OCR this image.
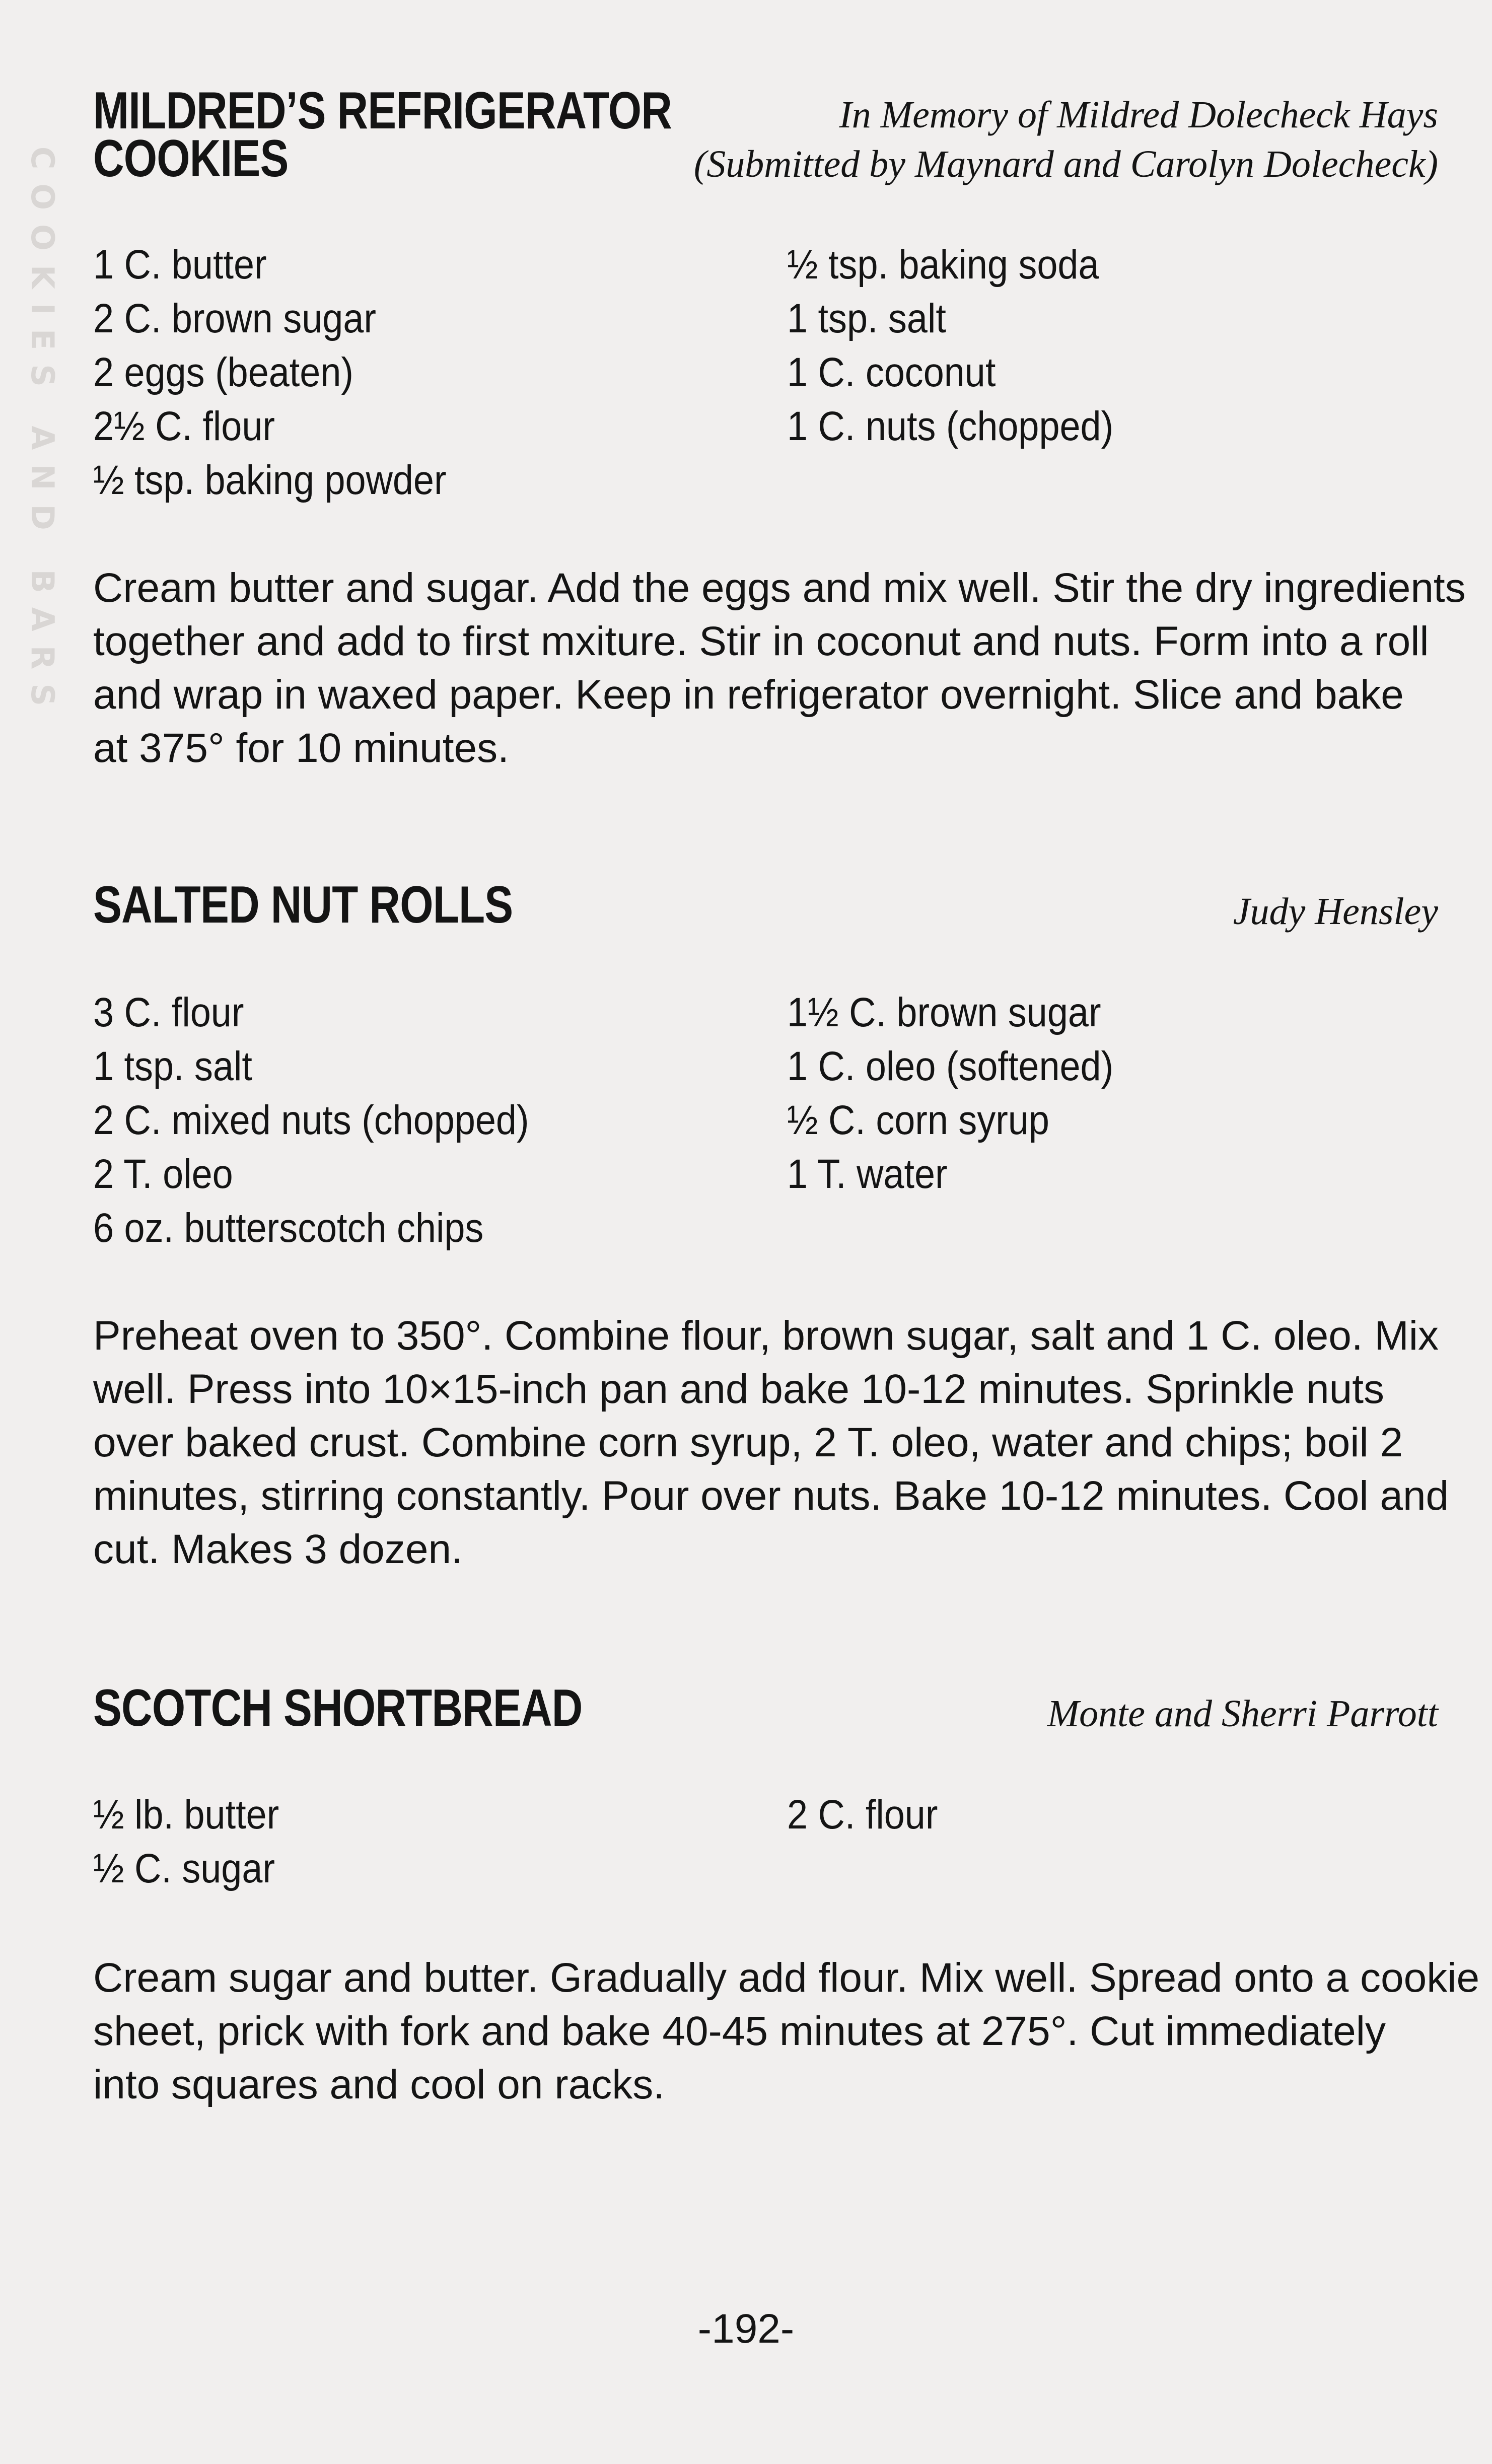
COOKIES AND BARS
MILDRED’S REFRIGERATOR
COOKIES
In Memory of Mildred Dolecheck Hays
(Submitted by Maynard and Carolyn Dolecheck)
1 C. butter
2 C. brown sugar
2 eggs (beaten)
2½ C. flour
½ tsp. baking powder
½ tsp. baking soda
1 tsp. salt
1 C. coconut
1 C. nuts (chopped)
Cream butter and sugar. Add the eggs and mix well. Stir the dry ingredients
together and add to first mxiture. Stir in coconut and nuts. Form into a roll
and wrap in waxed paper. Keep in refrigerator overnight. Slice and bake
at 375° for 10 minutes.
SALTED NUT ROLLS	Judy Hensley
3 C. flour
1 tsp. salt
2 C. mixed nuts (chopped)
2 T. oleo
6 oz. butterscotch chips
1½ C. brown sugar
1 C. oleo (softened)
½ C. corn syrup
1 T. water
Preheat oven to 350°. Combine flour, brown sugar, salt and 1 C. oleo. Mix
well. Press into 10×15-inch pan and bake 10-12 minutes. Sprinkle nuts
over baked crust. Combine corn syrup, 2 T. oleo, water and chips; boil 2
minutes, stirring constantly. Pour over nuts. Bake 10-12 minutes. Cool and
cut. Makes 3 dozen.
SCOTCH SHORTBREAD	Monte and Sherri Parrott
½ lb. butter
½ C. sugar
2 C. flour
Cream sugar and butter. Gradually add flour. Mix well. Spread onto a cookie
sheet, prick with fork and bake 40-45 minutes at 275°. Cut immediately
into squares and cool on racks.
-192-
